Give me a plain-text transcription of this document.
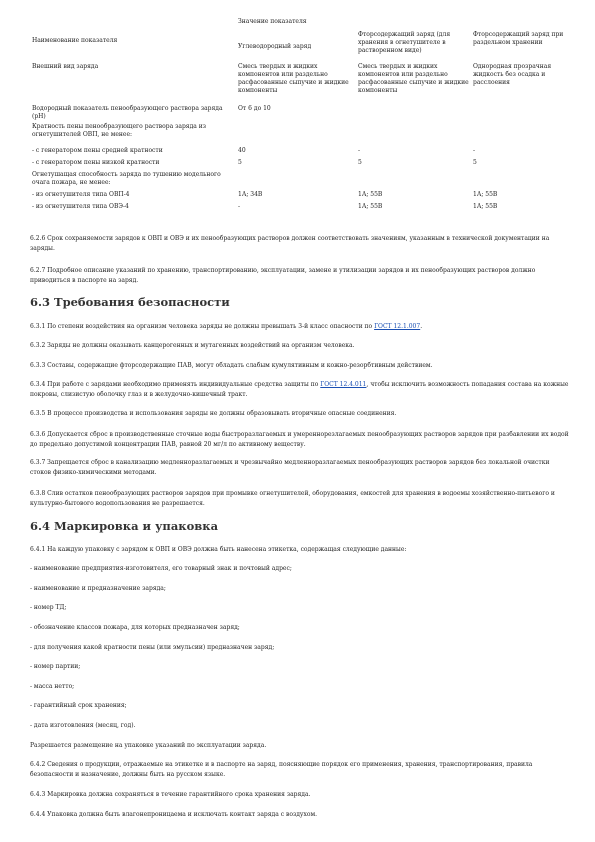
Наименование показателя	Значение показателя		
	Углеводородный заряд	Фторсодержащий заряд (для хранения в огнетушителе в растворенном виде)	Фторсодержащий заряд при раздельном хранении
Внешний вид заряда	Смесь твердых и жидких компонентов или раздельно расфасованные сыпучие и жидкие компоненты	Смесь твердых и жидких компонентов или раздельно расфасованные сыпучие и жидкие компоненты	Однородная прозрачная жидкость без осадка и расслоения
Водородный показатель пенообразующего раствора заряда (pH)	От 6 до 10		
Кратность пены пенообразующего раствора заряда из огнетушителей ОВП, не менее:			
- с генератором пены средней кратности	40	-	-
- с генератором пены низкой кратности	5	5	5
Огнетушащая способность заряда по тушению модельного очага пожара, не менее:			
- из огнетушителя типа ОВП-4	1А; 34В	1А; 55В	1А; 55В
- из огнетушителя типа ОВЭ-4	-	1А; 55В	1А; 55В
6.2.6 Срок сохраняемости зарядов к ОВП и ОВЭ и их пенообразующих растворов должен соответствовать значениям, указанным в технической документации на заряды.
6.2.7 Подробное описание указаний по хранению, транспортированию, эксплуатации, замене и утилизации зарядов и их пенообразующих растворов должно приводиться в паспорте на заряд.
6.3 Требования безопасности
6.3.1 По степени воздействия на организм человека заряды не должны превышать 3-й класс опасности по ГОСТ 12.1.007.
6.3.2 Заряды не должны оказывать канцерогенных и мутагенных воздействий на организм человека.
6.3.3 Составы, содержащие фторсодержащие ПАВ, могут обладать слабым кумулятивным и кожно-резорбтивным действием.
6.3.4 При работе с зарядами необходимо применять индивидуальные средства защиты по ГОСТ 12.4.011, чтобы исключить возможность попадания состава на кожные покровы, слизистую оболочку глаз и в желудочно-кишечный тракт.
6.3.5 В процессе производства и использования заряды не должны образовывать вторичные опасные соединения.
6.3.6 Допускается сброс в производственные сточные воды быстроразлагаемых и умереннорезлагаемых пенообразующих растворов зарядов при разбавлении их водой до предельно допустимой концентрации ПАВ, равной 20 мг/л по активному веществу.
6.3.7 Запрещается сброс в канализацию медленноразлагаемых и чрезвычайно медленноразлагаемых пенообразующих растворов зарядов без локальной очистки стоков физико-химическими методами.
6.3.8 Слив остатков пенообразующих растворов зарядов при промывке огнетушителей, оборудования, емкостей для хранения в водоемы хозяйственно-питьевого и культурно-бытового водопользования не разрешается.
6.4 Маркировка и упаковка
6.4.1 На каждую упаковку с зарядом к ОВП и ОВЭ должна быть нанесена этикетка, содержащая следующие данные:
- наименование предприятия-изготовителя, его товарный знак и почтовый адрес;
- наименование и предназначение заряда;
- номер ТД;
- обозначение классов пожара, для которых предназначен заряд;
- для получения какой кратности пены (или эмульсии) предназначен заряд;
- номер партии;
- масса нетто;
- гарантийный срок хранения;
- дата изготовления (месяц, год).
Разрешается размещение на упаковке указаний по эксплуатации заряда.
6.4.2 Сведения о продукции, отражаемые на этикетке и в паспорте на заряд, поясняющие порядок его применения, хранения, транспортирования, правила безопасности и назначение, должны быть на русском языке.
6.4.3 Маркировка должна сохраняться в течение гарантийного срока хранения заряда.
6.4.4 Упаковка должна быть влагонепроницаема и исключать контакт заряда с воздухом.
